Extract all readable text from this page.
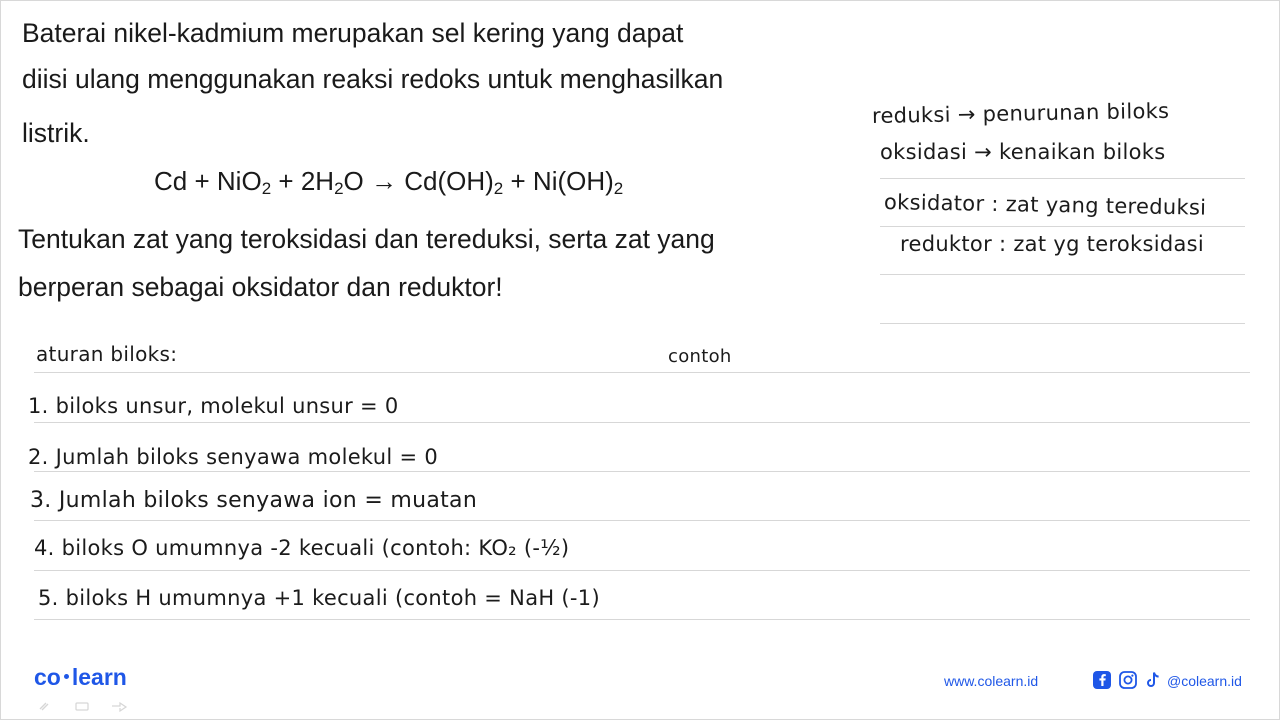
Baterai nikel-kadmium merupakan sel kering yang dapat
diisi ulang menggunakan reaksi redoks untuk menghasilkan
listrik.
$Cd + NiO_2 + 2H_2O \to Cd(OH)_2 + Ni(OH)_2$
Tentukan zat yang teroksidasi dan tereduksi, serta zat yang
berperan sebagai oksidator dan reduktor!
reduksi → penurunan biloks
oksidasi → kenaikan biloks
oksidator : zat yang tereduksi
reduktor : zat yg teroksidasi
aturan biloks:	contoh
1. biloks unsur, molekul unsur = 0
2. Jumlah biloks senyawa molekul = 0
3. Jumlah biloks senyawa ion = muatan
4. biloks O umumnya -2 kecuali (contoh: KO₂ (-½)
5. biloks H umumnya +1 kecuali (contoh = NaH (-1)
co learn	www.colearn.id	@colearn.id
